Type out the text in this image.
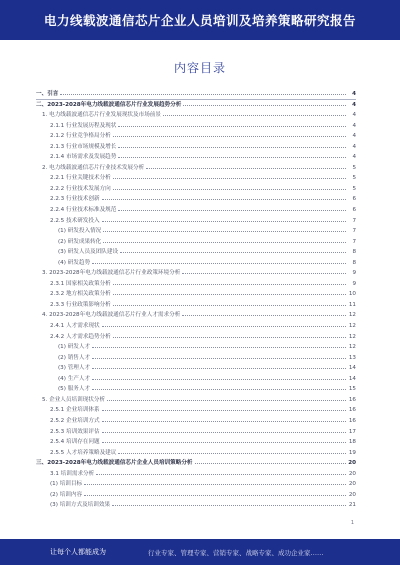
电力线载波通信芯片企业人员培训及培养策略研究报告
内容目录
一、引言	4
二、2023-2028年电力线载波通信芯片行业发展趋势分析	4
1. 电力线载波通信芯片行业发展现状及市场前景	4
2.1.1 行业发展历程及现状	4
2.1.2 行业竞争格局分析	4
2.1.3 行业市场规模及增长	4
2.1.4 市场需求及发展趋势	4
2. 电力线载波通信芯片行业技术发展分析	5
2.2.1 行业关键技术分析	5
2.2.2 行业技术发展方向	5
2.2.3 行业技术创新	6
2.2.4 行业技术标准及规范	6
2.2.5 技术研发投入	7
(1) 研发投入情况	7
(2) 研发成果转化	7
(3) 研发人员及团队建设	8
(4) 研发趋势	8
3. 2023-2028年电力线载波通信芯片行业政策环境分析	9
2.3.1 国家相关政策分析	9
2.3.2 地方相关政策分析	10
2.3.3 行业政策影响分析	11
4. 2023-2028年电力线载波通信芯片行业人才需求分析	12
2.4.1 人才需求现状	12
2.4.2 人才需求趋势分析	12
(1) 研发人才	12
(2) 销售人才	13
(3) 管理人才	14
(4) 生产人才	14
(5) 服务人才	15
5. 企业人员培训现状分析	16
2.5.1 企业培训体系	16
2.5.2 企业培训方式	16
2.5.3 培训效果评估	17
2.5.4 培训存在问题	18
2.5.5 人才培养策略及建议	19
三、2023-2028年电力线载波通信芯片企业人员培训策略分析	20
3.1 培训需求分析	20
(1) 培训目标	20
(2) 培训内容	20
(3) 培训方式及培训效果	21
1
让每个人都能成为	行业专家、管理专家、营销专家、战略专家、成功企业家……
